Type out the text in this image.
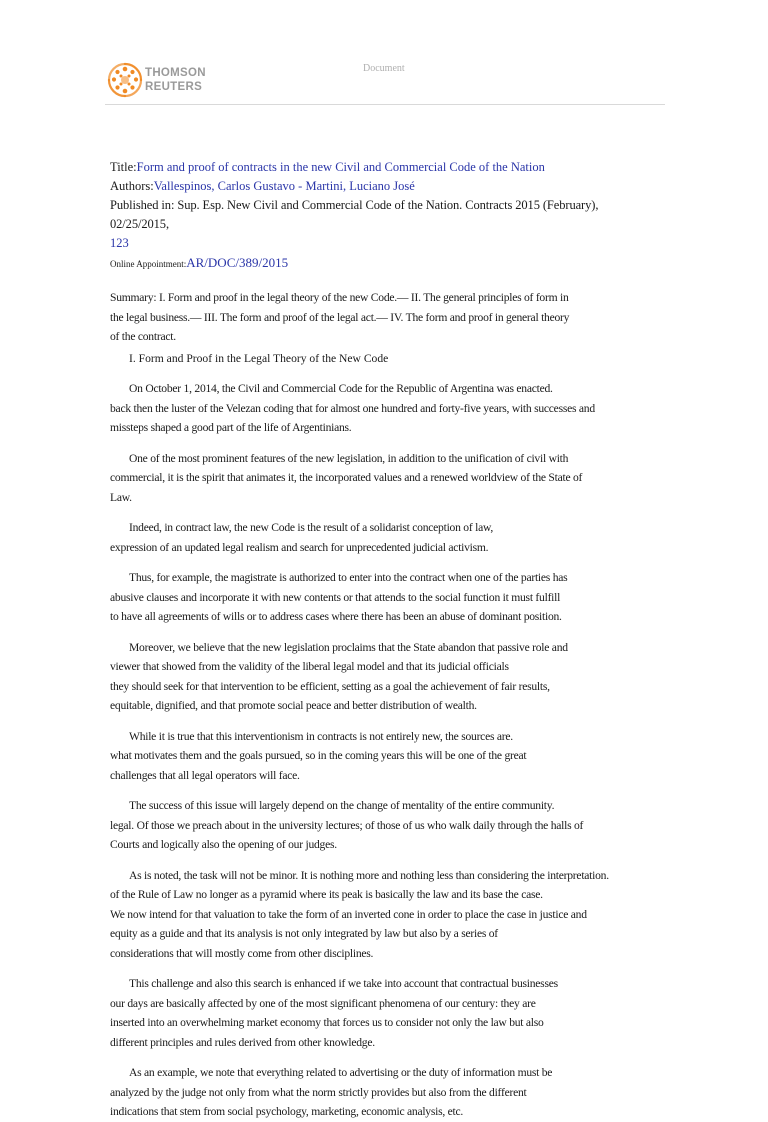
THOMSON
REUTERS
Document

Title:Form and proof of contracts in the new Civil and Commercial Code of the Nation

Authors:Vallespinos, Carlos Gustavo - Martini, Luciano José

Published in: Sup. Esp. New Civil and Commercial Code of the Nation. Contracts 2015 (February), 02/25/2015,

123

Online Appointment:AR/DOC/389/2015

Summary: I. Form and proof in the legal theory of the new Code.— II. The general principles of form in
the legal business.— III. The form and proof of the legal act.— IV. The form and proof in general theory
of the contract.
I. Form and Proof in the Legal Theory of the New Code
On October 1, 2014, the Civil and Commercial Code for the Republic of Argentina was enacted.
back then the luster of the Velezan coding that for almost one hundred and forty-five years, with successes and
missteps shaped a good part of the life of Argentinians.
One of the most prominent features of the new legislation, in addition to the unification of civil with
commercial, it is the spirit that animates it, the incorporated values and a renewed worldview of the State of
Law.
Indeed, in contract law, the new Code is the result of a solidarist conception of law,
expression of an updated legal realism and search for unprecedented judicial activism.
Thus, for example, the magistrate is authorized to enter into the contract when one of the parties has
abusive clauses and incorporate it with new contents or that attends to the social function it must fulfill
to have all agreements of wills or to address cases where there has been an abuse of dominant position.
Moreover, we believe that the new legislation proclaims that the State abandon that passive role and
viewer that showed from the validity of the liberal legal model and that its judicial officials
they should seek for that intervention to be efficient, setting as a goal the achievement of fair results,
equitable, dignified, and that promote social peace and better distribution of wealth.
While it is true that this interventionism in contracts is not entirely new, the sources are.
what motivates them and the goals pursued, so in the coming years this will be one of the great
challenges that all legal operators will face.
The success of this issue will largely depend on the change of mentality of the entire community.
legal. Of those we preach about in the university lectures; of those of us who walk daily through the halls of
Courts and logically also the opening of our judges.
As is noted, the task will not be minor. It is nothing more and nothing less than considering the interpretation.
of the Rule of Law no longer as a pyramid where its peak is basically the law and its base the case.
We now intend for that valuation to take the form of an inverted cone in order to place the case in justice and
equity as a guide and that its analysis is not only integrated by law but also by a series of
considerations that will mostly come from other disciplines.
This challenge and also this search is enhanced if we take into account that contractual businesses
our days are basically affected by one of the most significant phenomena of our century: they are
inserted into an overwhelming market economy that forces us to consider not only the law but also
different principles and rules derived from other knowledge.
As an example, we note that everything related to advertising or the duty of information must be
analyzed by the judge not only from what the norm strictly provides but also from the different
indications that stem from social psychology, marketing, economic analysis, etc.
